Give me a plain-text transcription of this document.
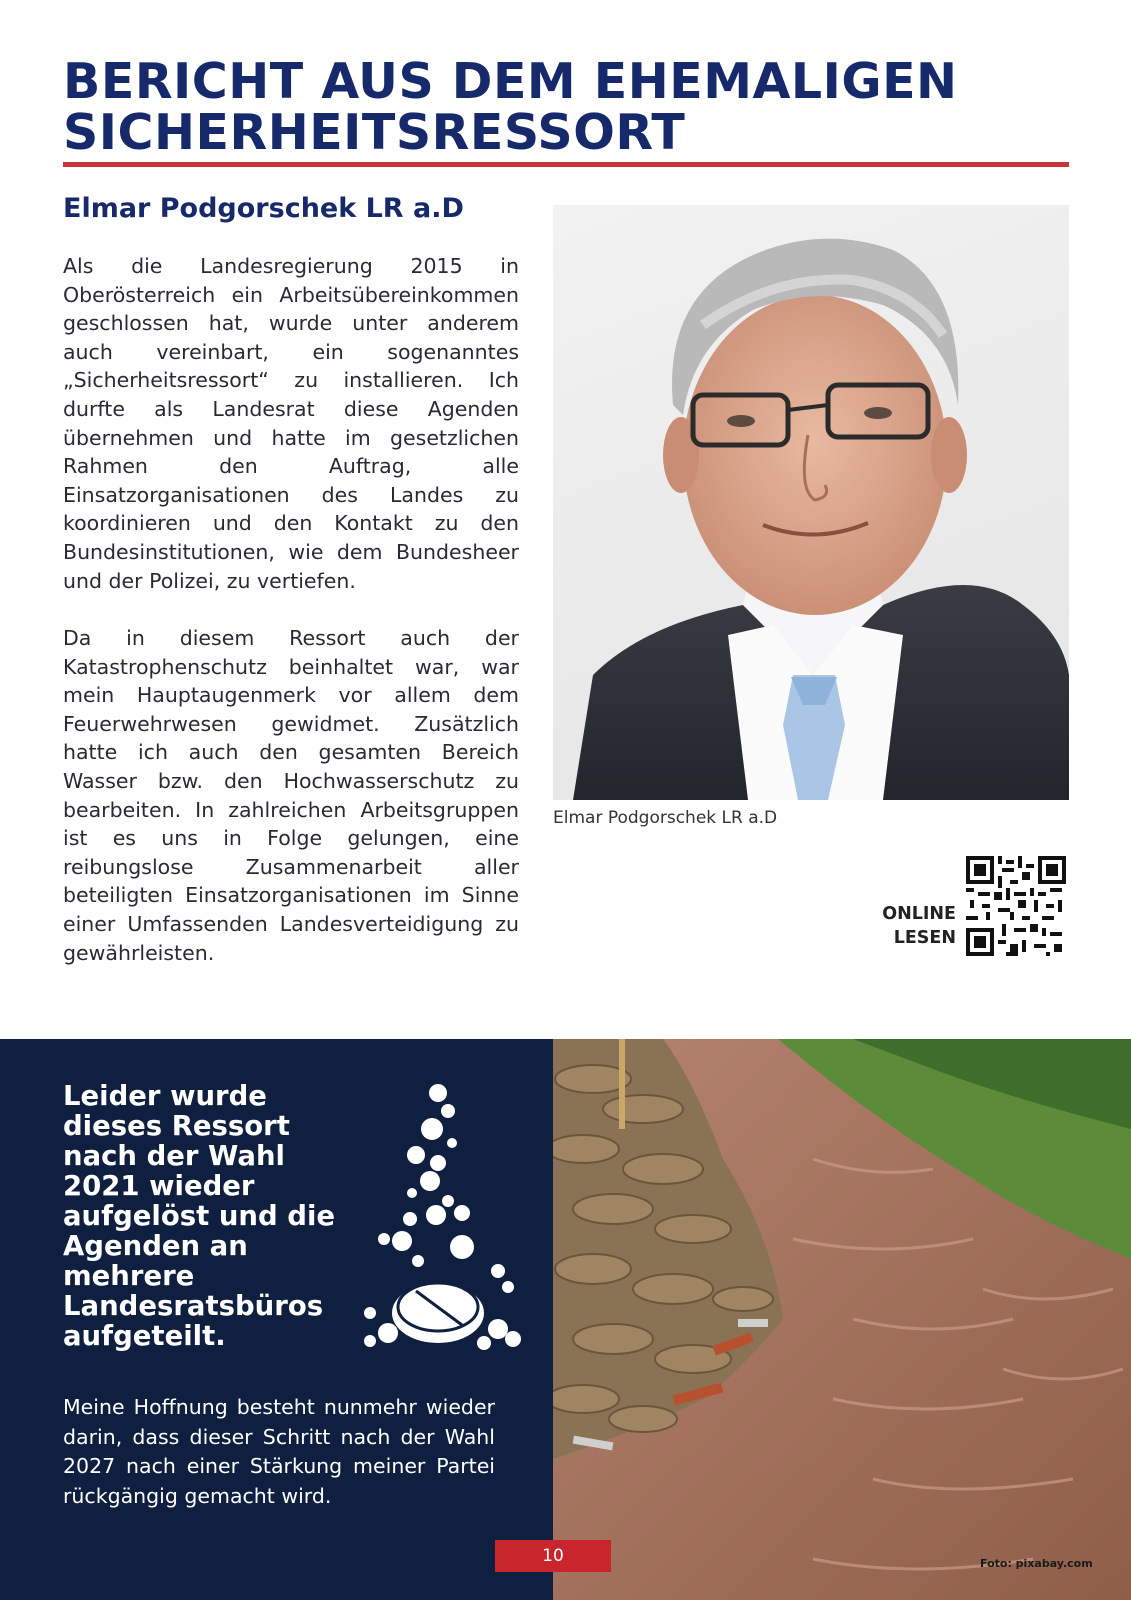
BERICHT AUS DEM EHEMALIGEN
SICHERHEITSRESSORT
Elmar Podgorschek LR a.D

Als die Landesregierung 2015 in Oberösterreich ein Arbeitsübereinkommen geschlossen hat, wurde unter anderem auch vereinbart, ein sogenanntes „Sicherheitsressort“ zu installieren. Ich durfte als Landesrat diese Agenden übernehmen und hatte im gesetzlichen Rahmen den Auftrag, alle Einsatzorganisationen des Landes zu koordinieren und den Kontakt zu den Bundesinstitutionen, wie dem Bundesheer und der Polizei, zu vertiefen.

Da in diesem Ressort auch der Katastrophenschutz beinhaltet war, war mein Hauptaugenmerk vor allem dem Feuerwehrwesen gewidmet. Zusätzlich hatte ich auch den gesamten Bereich Wasser bzw. den Hochwasserschutz zu bearbeiten. In zahlreichen Arbeitsgruppen ist es uns in Folge gelungen, eine reibungslose Zusammenarbeit aller beteiligten Einsatzorganisationen im Sinne einer Umfassenden Landesverteidigung zu gewährleisten.

Elmar Podgorschek LR a.D
ONLINE
LESEN
Leider wurde dieses Ressort nach der Wahl 2021 wieder aufgelöst und die Agenden an mehrere Landesratsbüros aufgeteilt.

Meine Hoffnung besteht nunmehr wieder darin, dass dieser Schritt nach der Wahl 2027 nach einer Stärkung meiner Partei rückgängig gemacht wird.

10	Foto: pixabay.com
